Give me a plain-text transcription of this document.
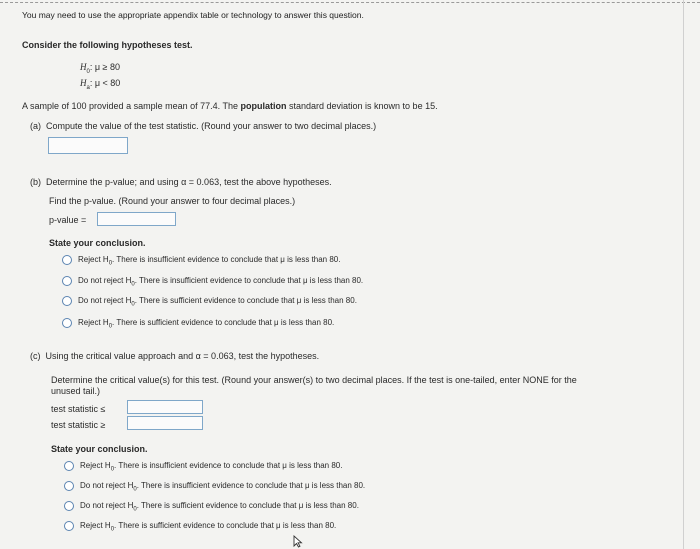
You may need to use the appropriate appendix table or technology to answer this question.
Consider the following hypotheses test.
$H_0$: μ ≥ 80
$H_a$: μ < 80
A sample of 100 provided a sample mean of 77.4. The population standard deviation is known to be 15.
(a) Compute the value of the test statistic. (Round your answer to two decimal places.)
(b) Determine the p-value; and using α = 0.063, test the above hypotheses.
Find the p-value. (Round your answer to four decimal places.)
p-value =
State your conclusion.
Reject $H_0$. There is insufficient evidence to conclude that μ is less than 80.
Do not reject $H_0$. There is insufficient evidence to conclude that μ is less than 80.
Do not reject $H_0$. There is sufficient evidence to conclude that μ is less than 80.
Reject $H_0$. There is sufficient evidence to conclude that μ is less than 80.
(c) Using the critical value approach and α = 0.063, test the hypotheses.
Determine the critical value(s) for this test. (Round your answer(s) to two decimal places. If the test is one-tailed, enter NONE for the
unused tail.)
test statistic ≤
test statistic ≥
State your conclusion.
Reject $H_0$. There is insufficient evidence to conclude that μ is less than 80.
Do not reject $H_0$. There is insufficient evidence to conclude that μ is less than 80.
Do not reject $H_0$. There is sufficient evidence to conclude that μ is less than 80.
Reject $H_0$. There is sufficient evidence to conclude that μ is less than 80.
